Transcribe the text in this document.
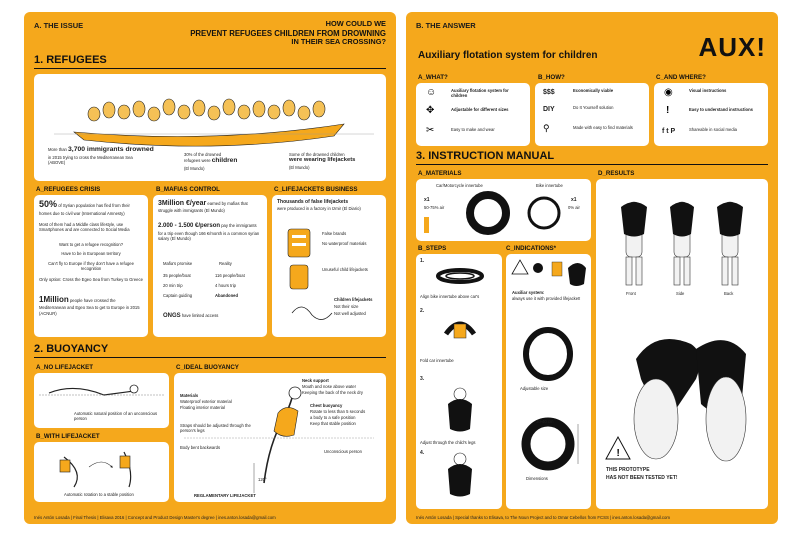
A. THE ISSUE	HOW COULD WE
PREVENT REFUGEES CHILDREN FROM DROWNING
IN THEIR SEA CROSSING?
1. REFUGEES
More than 3,700 immigrants drowned
in 2015 trying to cross the Mediterranean Sea
(ABOVE)
30% of the drowned
refugees were children
(El Mundo)
Some of the drowned children
were wearing lifejackets
(El Mundo)
A_REFUGEES CRISIS	B_MAFIAS CONTROL	C_LIFEJACKETS BUSINESS
50% of Syrian population has fled from their homes due to civil war (International Amnesty)
Most of them had a Middle class lifestyle, use Smartphones and are connected to Social Media
Want to get a refugee recognition?
Have to be in European territory
Can't fly to Europe if they don't have a refugee recognition
Only option: Cross the Egeo Sea from Turkey to Greece
1Million people have crossed the Mediterranean and Egeo Sea to get to Europe in 2015 (ACNUR)
3Million €/year earned by mafias that struggle with immigrants (El Mundo)
2.000 - 1.500 €/person pay the immigrants for a trip even though 166 €/month is a common syrian salary (El Mundo)
Mafia's promise	Reality
35 people/boat	116 people/boat
20 min trip	4 hours trip
Captain guiding	Abandoned
ONGS have limited access
Thousands of false lifejackets
were produced in a factory in Izmir (El Diario)
False brands
No waterproof materials
Unuseful child lifejackets
Children lifejackets
Not their size
Not well adjusted
2. BUOYANCY
A_NO LIFEJACKET
Automatic natural position of an unconscious person
B_WITH LIFEJACKET
Automatic rotation to a stable position
C_IDEAL BUOYANCY
Neck support
Mouth and nose above water
Keeping the back of the neck dry
Materials
Waterproof exterior material
Floating interior material	Chest buoyancy
Rotate to less than 5 seconds
a body to a safe position
Keep that stable position
Straps should be adjusted through the person's legs
Body bent backwards
Unconscious person
120°
REGLAMENTARY LIFEJACKET
Inés Antón Losada | Final Thesis | Elisava 2016 | Concept and Product Design Master's degree | ines.anton.losada@gmail.com
B. THE ANSWER
Auxiliary flotation system for children	AUX!
A_WHAT?	B_HOW?	C_AND WHERE?
☺
✥
✂
Auxiliary flotation system for children
Adjustable for different sizes
Easy to make and wear
$$$
DIY
⚲
Economically viable
Do It Yourself solution
Made with easy to find materials
◉
!
f t P
Visual instructions
Easy to understand instructions
Shareable in social media
3. INSTRUCTION MANUAL
A_MATERIALS
Car/Motorcycle innertube	Bike innertube
x1
50-75% air
x1
0% air
D_RESULTS
!
Front	Side	Back
THIS PROTOTYPE
HAS NOT BEEN TESTED YET!
B_STEPS	C_INDICATIONS*
1.
Align bike innertube above car's
2.
Fold car innertube
3.
Adjust through the child's legs
4.
Auxiliar system:
always use it with provided lifejacket!
Adjustable size
30-40 cm
Dimensions
Inés Antón Losada | Special thanks to Elisava, to The Noun Project and to Omar Cebellos from FCSS | ines.anton.losada@gmail.com
